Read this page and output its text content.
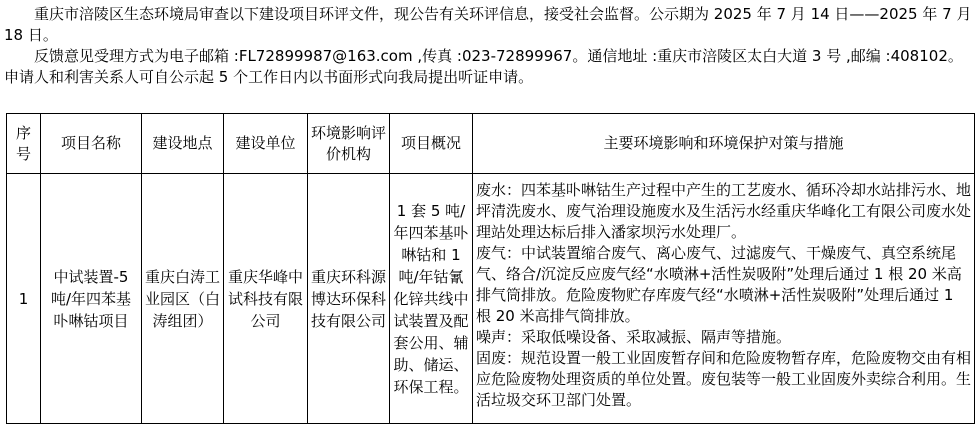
重庆市涪陵区生态环境局审查以下建设项目环评文件，现公告有关环评信息，接受社会监督。公示期为 2025 年 7 月 14 日——2025 年 7 月 18 日。

反馈意见受理方式为电子邮箱 :FL72899987@163.com ,传真 :023-72899967。通信地址 :重庆市涪陵区太白大道 3 号 ,邮编 :408102。申请人和利害关系人可自公示起 5 个工作日内以书面形式向我局提出听证申请。

序号	项目名称	建设地点	建设单位	环境影响评价机构	项目概况	主要环境影响和环境保护对策与措施
1	中试装置-5 吨/年四苯基卟啉钴项目	重庆白涛工业园区（白涛组团）	重庆华峰中试科技有限公司	重庆环科源博达环保科技有限公司	1 套 5 吨/年四苯基卟啉钴和 1 吨/年钴氰化锌共线中试装置及配套公用、辅助、储运、环保工程。	废水：四苯基卟啉钴生产过程中产生的工艺废水、循环冷却水站排污水、地坪清洗废水、废气治理设施废水及生活污水经重庆华峰化工有限公司废水处理站处理达标后排入潘家坝污水处理厂。
废气：中试装置缩合废气、离心废气、过滤废气、干燥废气、真空系统尾气、络合/沉淀反应废气经“水喷淋+活性炭吸附”处理后通过 1 根 20 米高排气筒排放。危险废物贮存库废气经“水喷淋+活性炭吸附”处理后通过 1 根 20 米高排气筒排放。
噪声：采取低噪设备、采取减振、隔声等措施。
固废：规范设置一般工业固废暂存间和危险废物暂存库，危险废物交由有相应危险废物处理资质的单位处置。废包装等一般工业固废外卖综合利用。生活垃圾交环卫部门处置。
